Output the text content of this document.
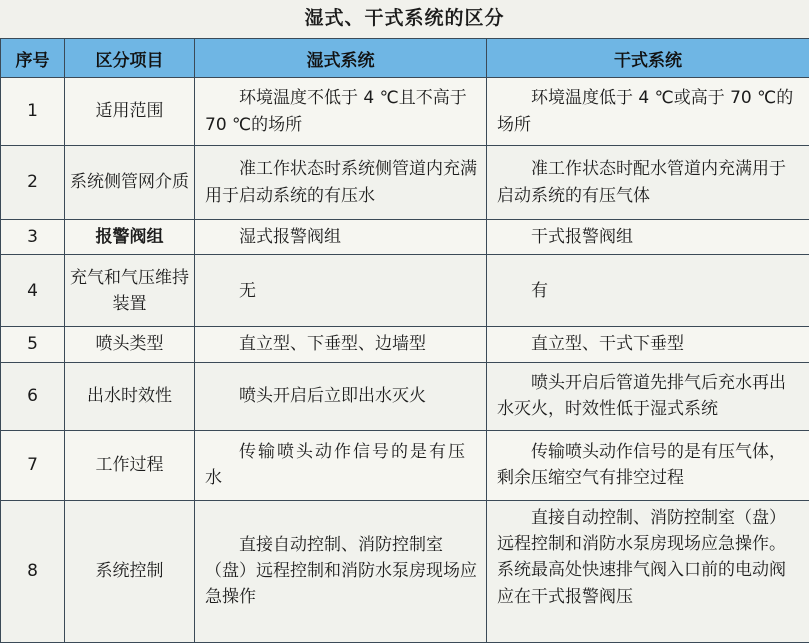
湿式、干式系统的区分
序号	区分项目	湿式系统	干式系统
1	适用范围	环境温度不低于 4 ℃且不高于 70 ℃的场所	环境温度低于 4 ℃或高于 70 ℃的场所
2	系统侧管网介质	准工作状态时系统侧管道内充满用于启动系统的有压水	准工作状态时配水管道内充满用于启动系统的有压气体
3	报警阀组	湿式报警阀组	干式报警阀组
4	充气和气压维持装置	无	有
5	喷头类型	直立型、下垂型、边墙型	直立型、干式下垂型
6	出水时效性	喷头开启后立即出水灭火	喷头开启后管道先排气后充水再出水灭火，时效性低于湿式系统
7	工作过程	传输喷头动作信号的是有压水	传输喷头动作信号的是有压气体，剩余压缩空气有排空过程
8	系统控制	直接自动控制、消防控制室（盘）远程控制和消防水泵房现场应急操作	直接自动控制、消防控制室（盘）远程控制和消防水泵房现场应急操作。系统最高处快速排气阀入口前的电动阀应在干式报警阀压
